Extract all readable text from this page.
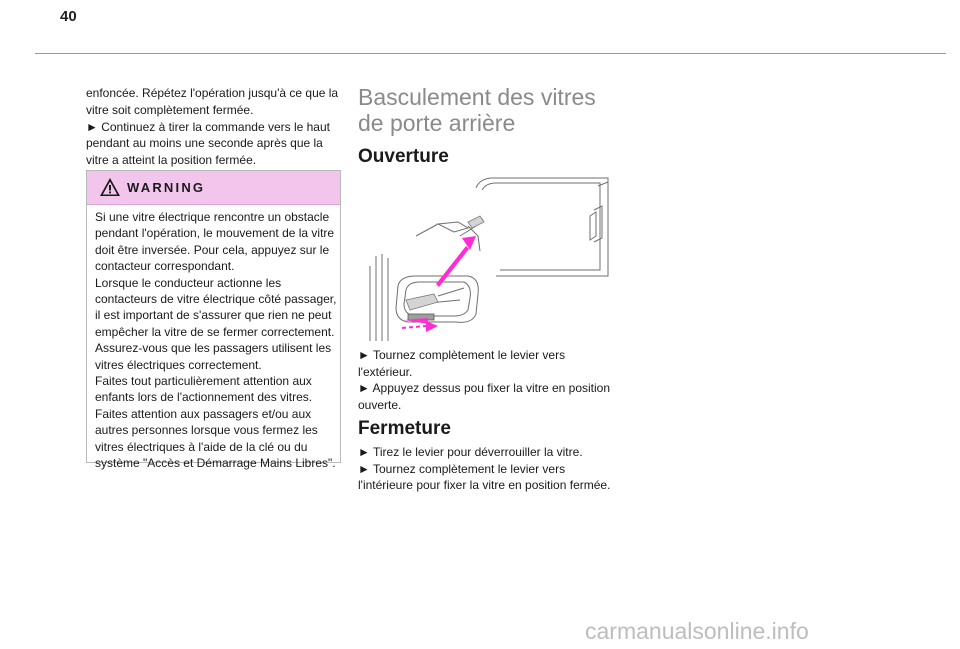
40

enfoncée. Répétez l'opération jusqu'à ce que la

vitre soit complètement fermée.

► Continuez à tirer la commande vers le haut

pendant au moins une seconde après que la

vitre a atteint la position fermée.

WARNING
Si une vitre électrique rencontre un obstacle
pendant l'opération, le mouvement de la vitre
doit être inversée. Pour cela, appuyez sur le
contacteur correspondant.
Lorsque le conducteur actionne les
contacteurs de vitre électrique côté passager,
il est important de s'assurer que rien ne peut
empêcher la vitre de se fermer correctement.
Assurez-vous que les passagers utilisent les
vitres électriques correctement.
Faites tout particulièrement attention aux
enfants lors de l'actionnement des vitres.
Faites attention aux passagers et/ou aux
autres personnes lorsque vous fermez les
vitres électriques à l'aide de la clé ou du
système "Accès et Démarrage Mains Libres".
Basculement des vitres
de porte arrière
Ouverture
► Tournez complètement le levier vers
l'extérieur.
► Appuyez dessus pou fixer la vitre en position
ouverte.
Fermeture
► Tirez le levier pour déverrouiller la vitre.
► Tournez complètement le levier vers
l'intérieure pour fixer la vitre en position fermée.
carmanualsonline.info
